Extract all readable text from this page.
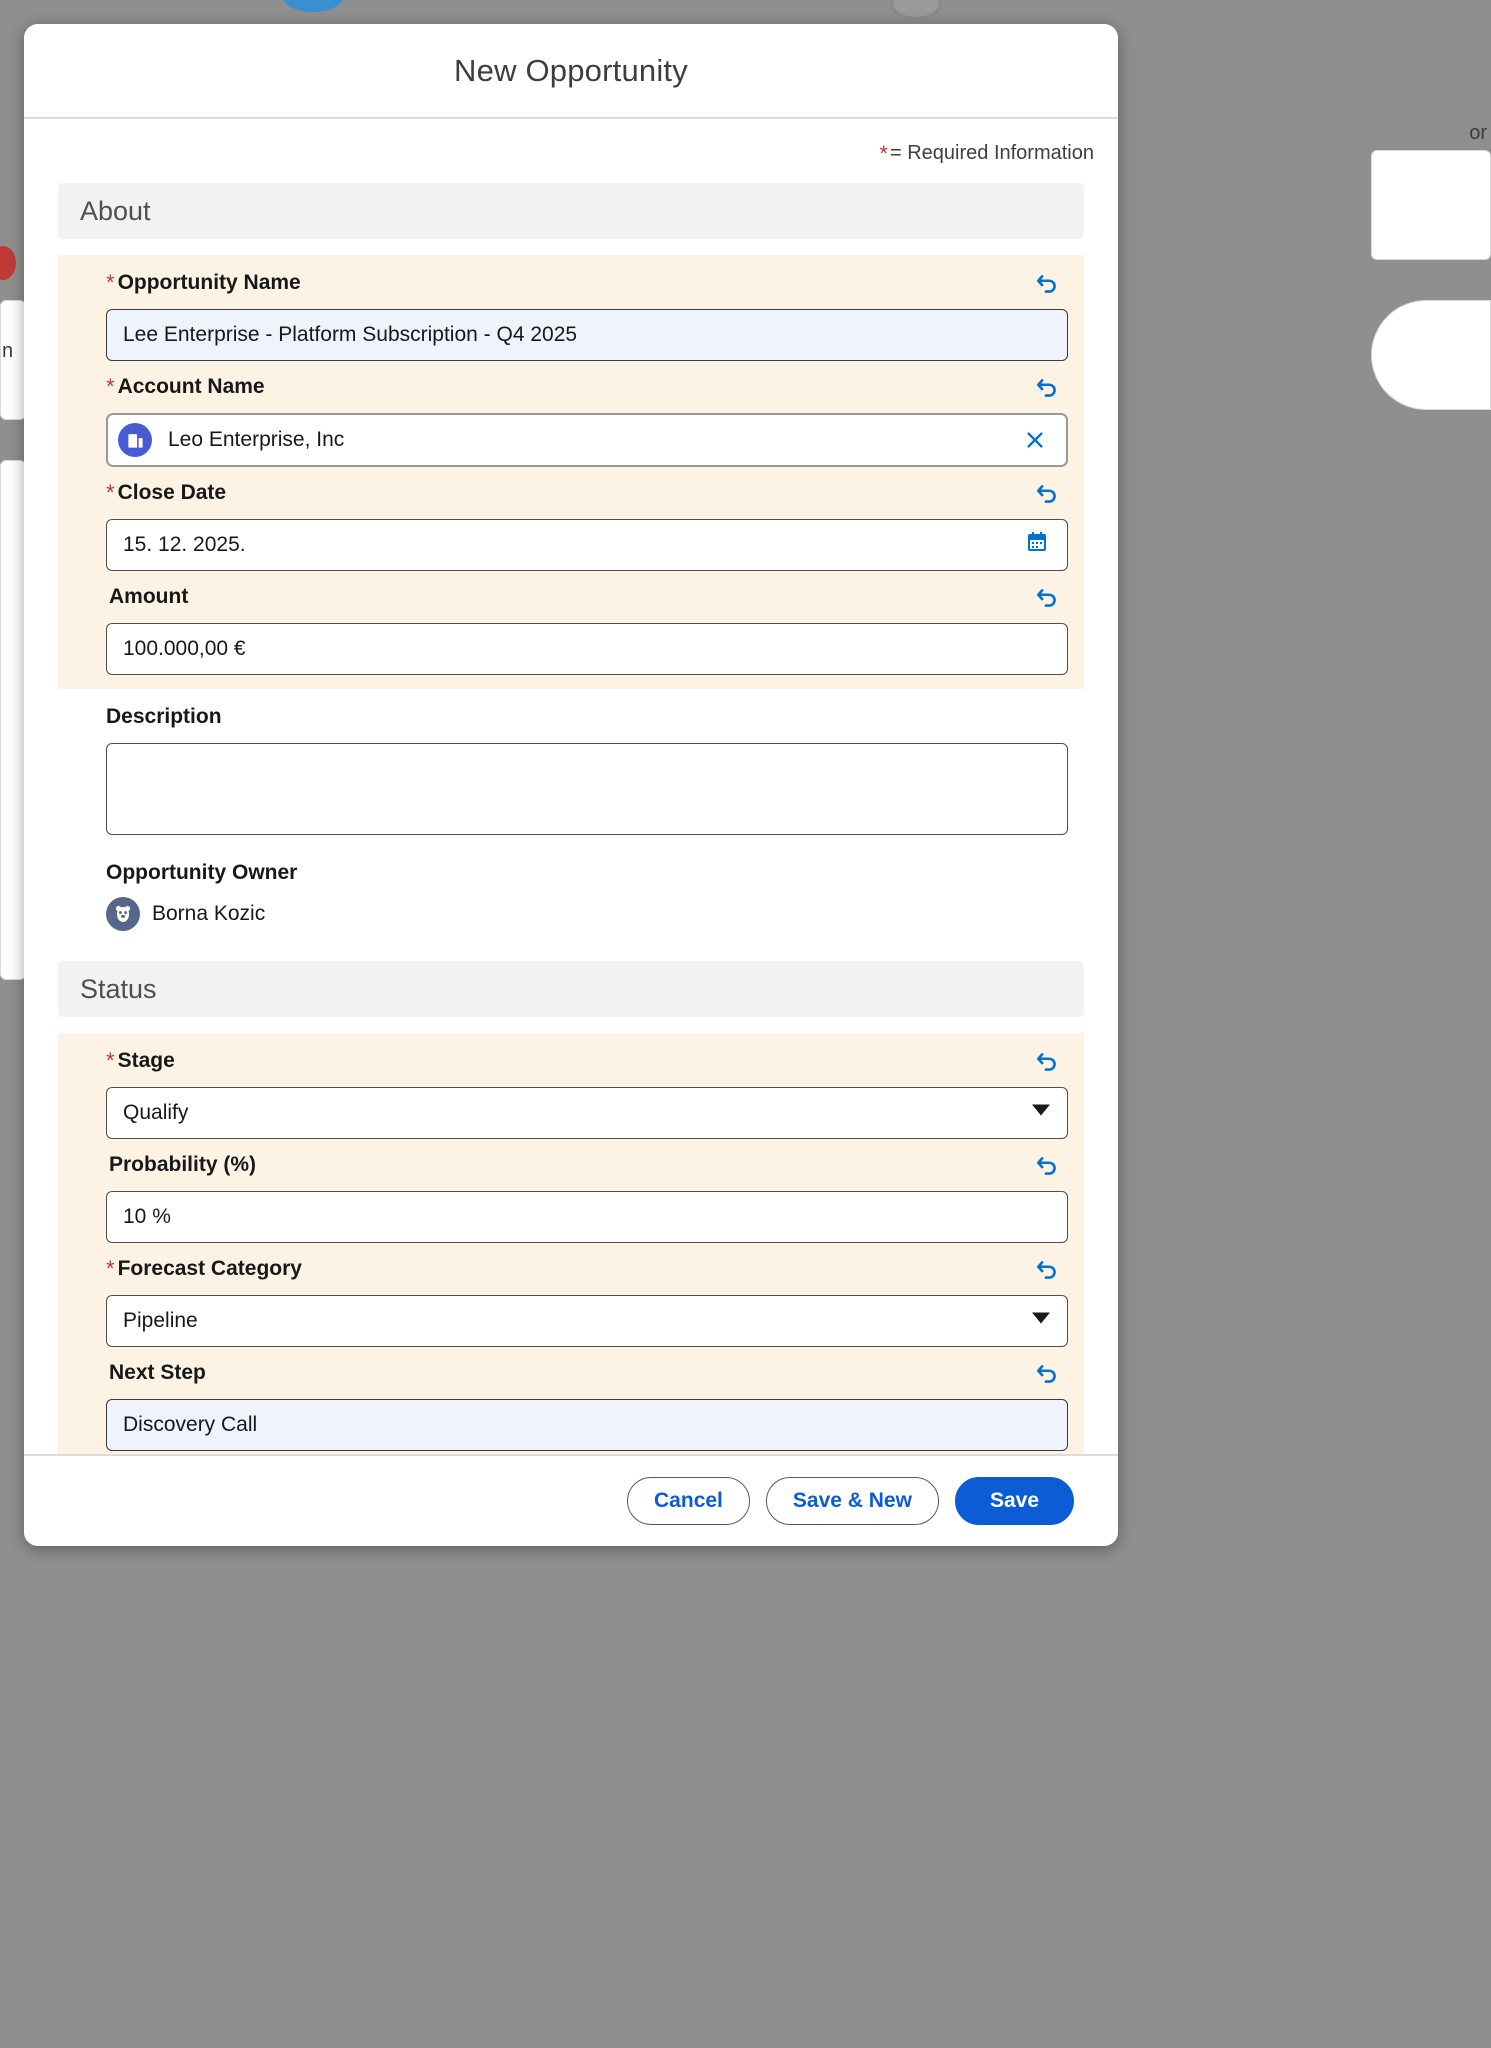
or
n
New Opportunity
* = Required Information
About
* Opportunity Name
Lee Enterprise - Platform Subscription - Q4 2025
* Account Name
Leo Enterprise, Inc
* Close Date
15. 12. 2025.
Amount
100.000,00 €
Description
Opportunity Owner
Borna Kozic
Status
* Stage
Qualify
Probability (%)
10 %
* Forecast Category
Pipeline
Next Step
Discovery Call
Cancel	Save & New	Save
